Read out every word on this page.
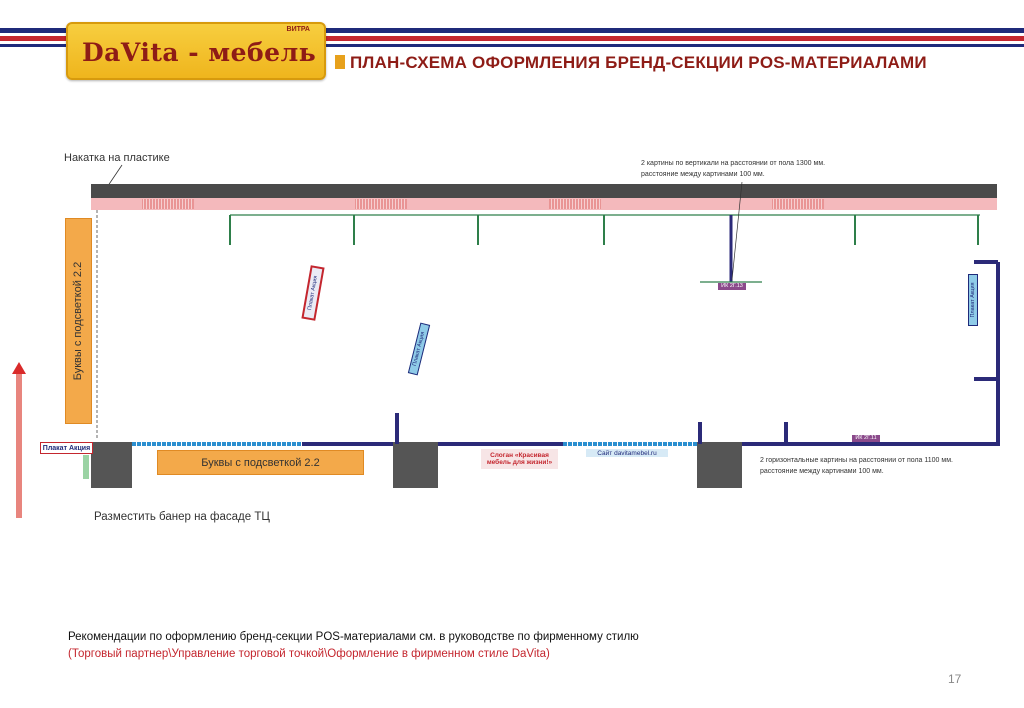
ВИТРА
DaVita - мебель ПЛАН-СХЕМА ОФОРМЛЕНИЯ БРЕНД-СЕКЦИИ POS-МАТЕРИАЛАМИ
Накатка на пластике	2 картины по вертикали на расстоянии от пола 1300 мм.
расстояние между картинами 100 мм.
2 горизонтальные картины на расстоянии от пола 1100 мм.
расстояние между картинами 100 мм.
Буквы с подсветкой 2.2
Буквы с подсветкой 2.2
Плакат Акция
Плакат Акция
Плакат Акция
ИК 2Г.13
ИК 2Г.11
Плакат Акция
Слоган «Красивая мебель для жизни!»
Сайт davitamebel.ru
Разместить банер на фасаде ТЦ
Рекомендации по оформлению бренд-секции POS-материалами см. в руководстве по фирменному стилю
(Торговый партнер\Управление торговой точкой\Оформление в фирменном стиле DaVita)
17
